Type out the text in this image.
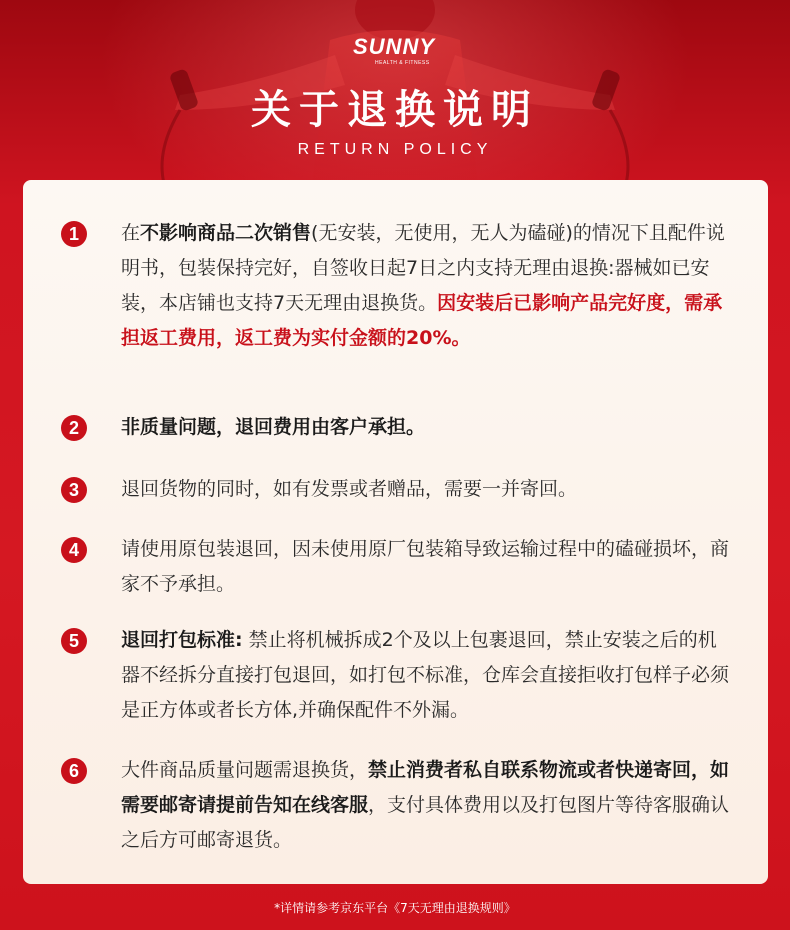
SUNNY
HEALTH & FITNESS
关于退换说明
RETURN POLICY
1	在不影响商品二次销售(无安装，无使用，无人为磕碰)的情况下且配件说明书，包装保持完好，自签收日起7日之内支持无理由退换:器械如已安装，本店铺也支持7天无理由退换货。因安装后已影响产品完好度，需承担返工费用，返工费为实付金额的20%。
2	非质量问题，退回费用由客户承担。
3	退回货物的同时，如有发票或者赠品，需要一并寄回。
4	请使用原包装退回，因未使用原厂包装箱导致运输过程中的磕碰损坏，商家不予承担。
5	退回打包标准: 禁止将机械拆成2个及以上包裹退回，禁止安装之后的机器不经拆分直接打包退回，如打包不标准，仓库会直接拒收打包样子必须是正方体或者长方体,并确保配件不外漏。
6	大件商品质量问题需退换货，禁止消费者私自联系物流或者快递寄回，如需要邮寄请提前告知在线客服，支付具体费用以及打包图片等待客服确认之后方可邮寄退货。
*详情请参考京东平台《7天无理由退换规则》
